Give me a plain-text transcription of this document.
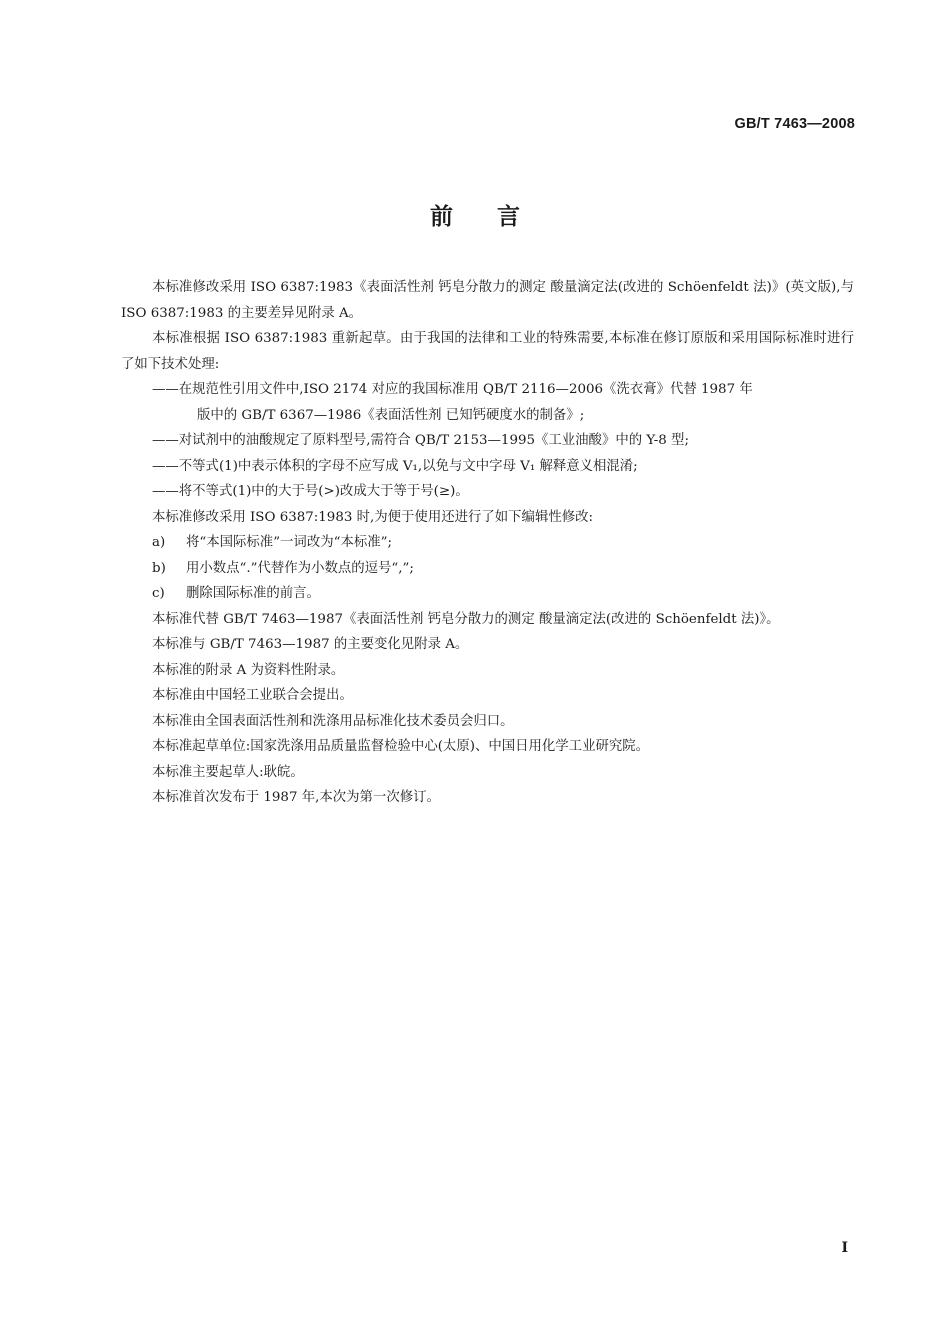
GB/T 7463—2008
前言

本标准修改采用 ISO 6387:1983《表面活性剂 钙皂分散力的测定 酸量滴定法(改进的 Schöenfeldt 法)》(英文版),与 ISO 6387:1983 的主要差异见附录 A。

本标准根据 ISO 6387:1983 重新起草。由于我国的法律和工业的特殊需要,本标准在修订原版和采用国际标准时进行了如下技术处理:

——在规范性引用文件中,ISO 2174 对应的我国标准用 QB/T 2116—2006《洗衣膏》代替 1987 年
版中的 GB/T 6367—1986《表面活性剂 已知钙硬度水的制备》;

——对试剂中的油酸规定了原料型号,需符合 QB/T 2153—1995《工业油酸》中的 Y-8 型;

——不等式(1)中表示体积的字母不应写成 V₁,以免与文中字母 V₁ 解释意义相混淆;

——将不等式(1)中的大于号(>)改成大于等于号(≥)。

本标准修改采用 ISO 6387:1983 时,为便于使用还进行了如下编辑性修改:

a) 将“本国际标准”一词改为“本标准”;

b) 用小数点“.”代替作为小数点的逗号“,”;

c) 删除国际标准的前言。

本标准代替 GB/T 7463—1987《表面活性剂 钙皂分散力的测定 酸量滴定法(改进的 Schöenfeldt 法)》。

本标准与 GB/T 7463—1987 的主要变化见附录 A。

本标准的附录 A 为资料性附录。

本标准由中国轻工业联合会提出。

本标准由全国表面活性剂和洗涤用品标准化技术委员会归口。

本标准起草单位:国家洗涤用品质量监督检验中心(太原)、中国日用化学工业研究院。

本标准主要起草人:耿皖。

本标准首次发布于 1987 年,本次为第一次修订。

I
